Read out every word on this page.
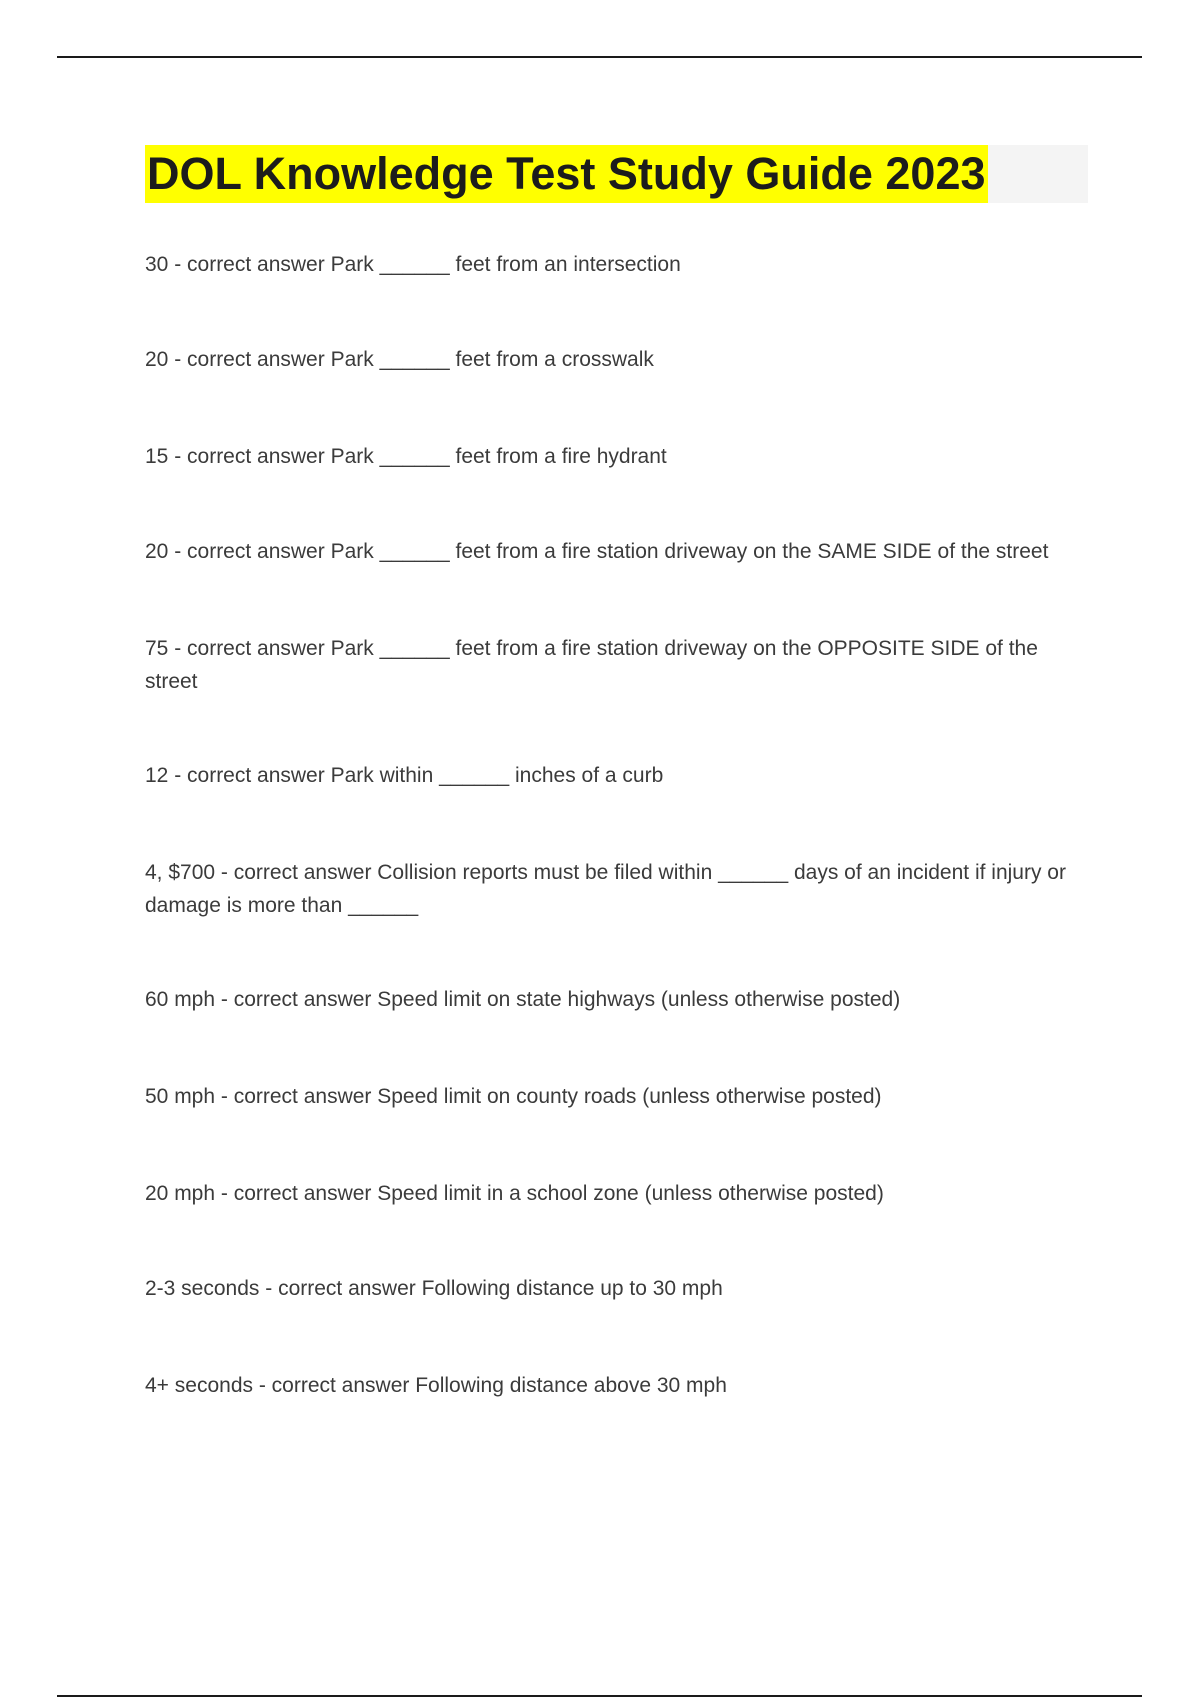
DOL Knowledge Test Study Guide 2023
30 - correct answer Park ______ feet from an intersection
20 - correct answer Park ______ feet from a crosswalk
15 - correct answer Park ______ feet from a fire hydrant
20 - correct answer Park ______ feet from a fire station driveway on the SAME SIDE of the street
75 - correct answer Park ______ feet from a fire station driveway on the OPPOSITE SIDE of the street
12 - correct answer Park within ______ inches of a curb
4, $700 - correct answer Collision reports must be filed within ______ days of an incident if injury or damage is more than ______
60 mph - correct answer Speed limit on state highways (unless otherwise posted)
50 mph - correct answer Speed limit on county roads (unless otherwise posted)
20 mph - correct answer Speed limit in a school zone (unless otherwise posted)
2-3 seconds - correct answer Following distance up to 30 mph
4+ seconds - correct answer Following distance above 30 mph
